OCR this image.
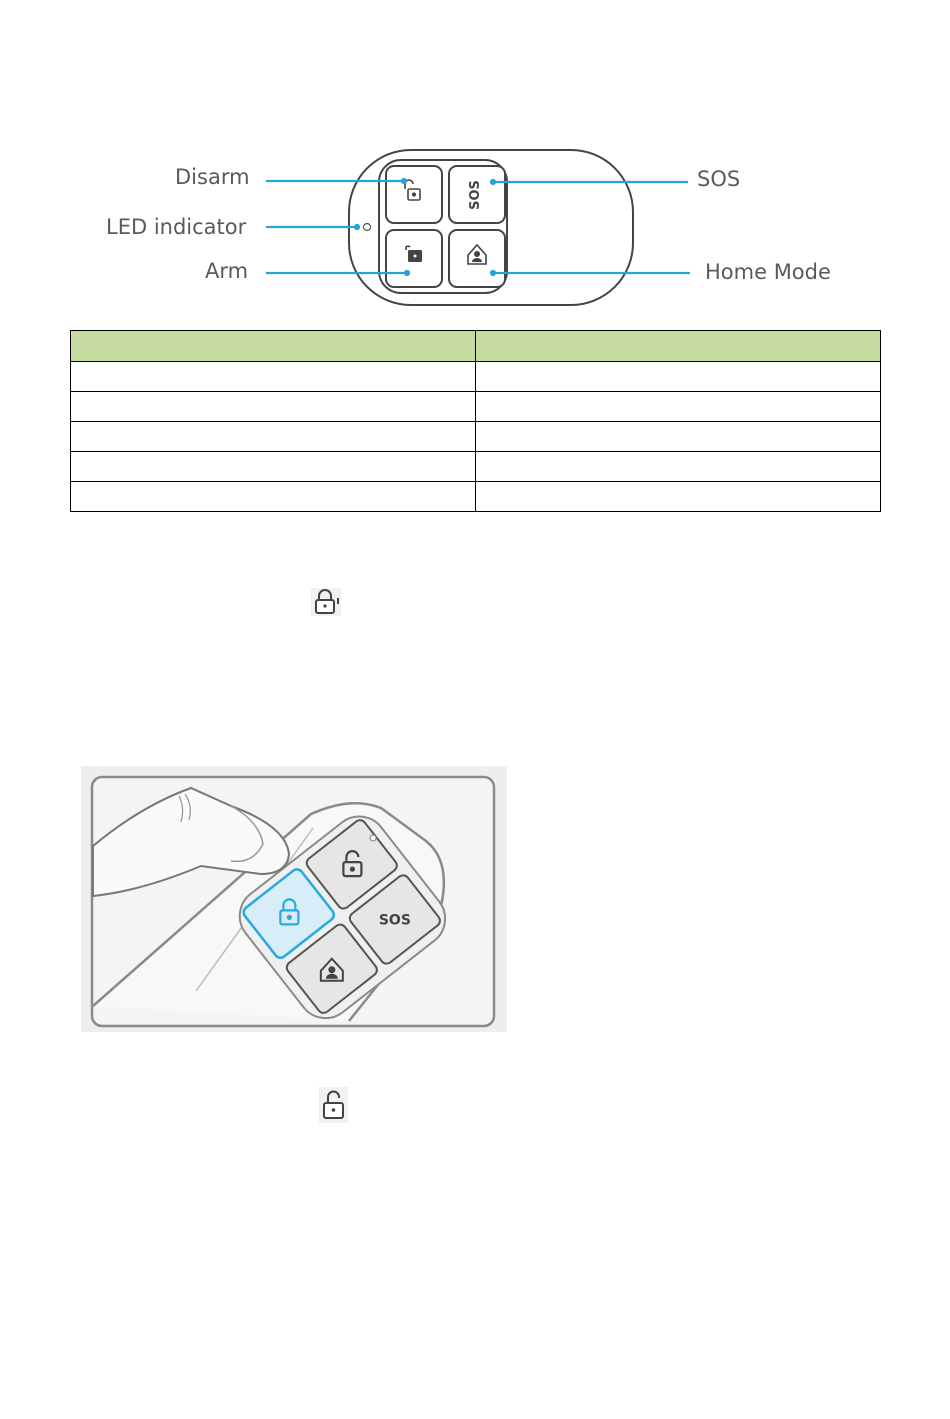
SOS
Disarm
LED indicator
Arm
SOS
Home Mode

SOS
